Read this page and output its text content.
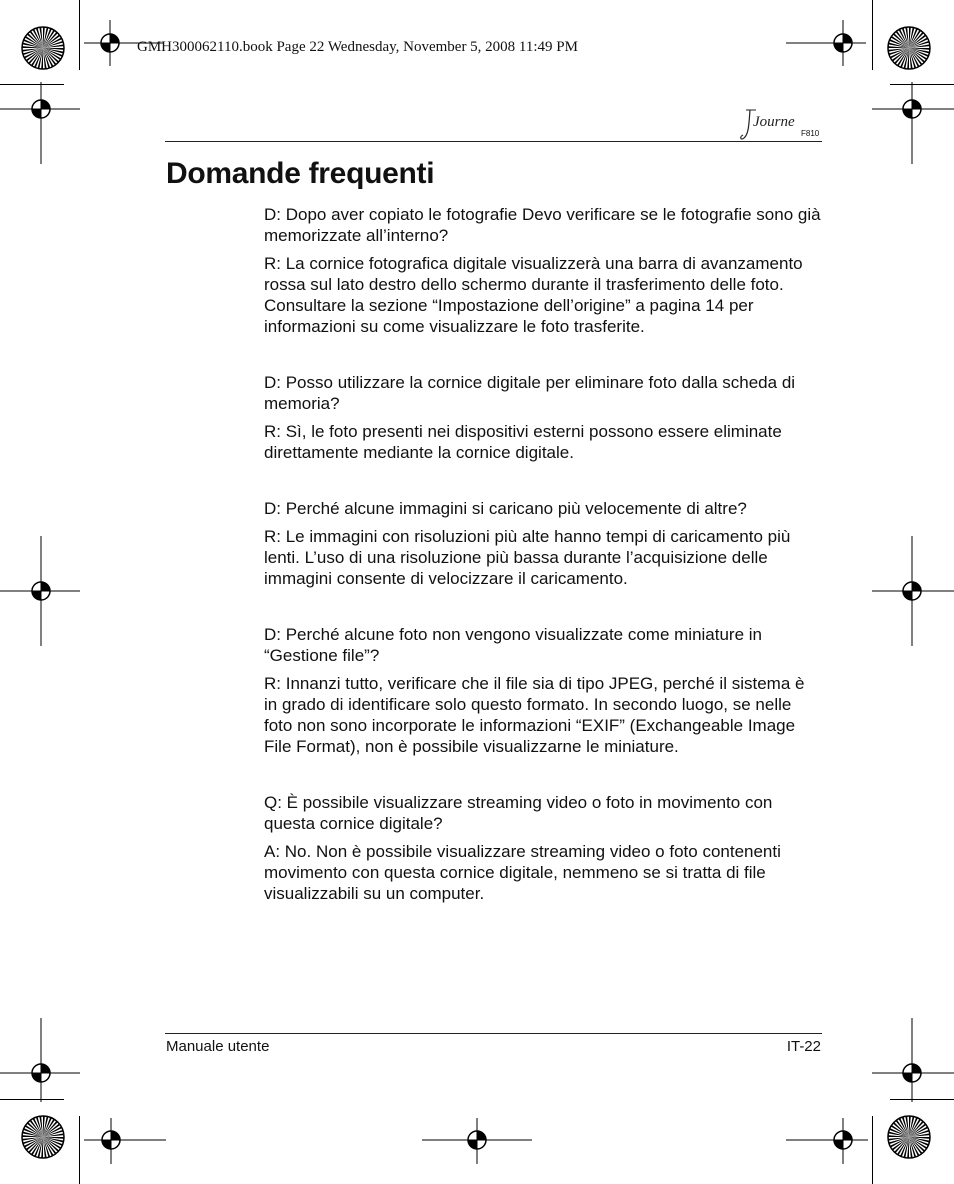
GMH300062110.book Page 22 Wednesday, November 5, 2008 11:49 PM
Journe
F810
Domande frequenti

D: Dopo aver copiato le fotografie Devo verificare se le fotografie sono già memorizzate all’interno?

R: La cornice fotografica digitale visualizzerà una barra di avanzamento rossa sul lato destro dello schermo durante il trasferimento delle foto. Consultare la sezione “Impostazione dell’origine” a pagina 14 per informazioni su come visualizzare le foto trasferite.

D: Posso utilizzare la cornice digitale per eliminare foto dalla scheda di memoria?

R: Sì, le foto presenti nei dispositivi esterni possono essere eliminate direttamente mediante la cornice digitale.

D: Perché alcune immagini si caricano più velocemente di altre?

R: Le immagini con risoluzioni più alte hanno tempi di caricamento più lenti. L’uso di una risoluzione più bassa durante l’acquisizione delle immagini consente di velocizzare il caricamento.

D: Perché alcune foto non vengono visualizzate come miniature in “Gestione file”?

R: Innanzi tutto, verificare che il file sia di tipo JPEG, perché il sistema è in grado di identificare solo questo formato. In secondo luogo, se nelle foto non sono incorporate le informazioni “EXIF” (Exchangeable Image File Format), non è possibile visualizzarne le miniature.

Q: È possibile visualizzare streaming video o foto in movimento con questa cornice digitale?

A: No. Non è possibile visualizzare streaming video o foto contenenti movimento con questa cornice digitale, nemmeno se si tratta di file visualizzabili su un computer.

Manuale utente	IT-22
